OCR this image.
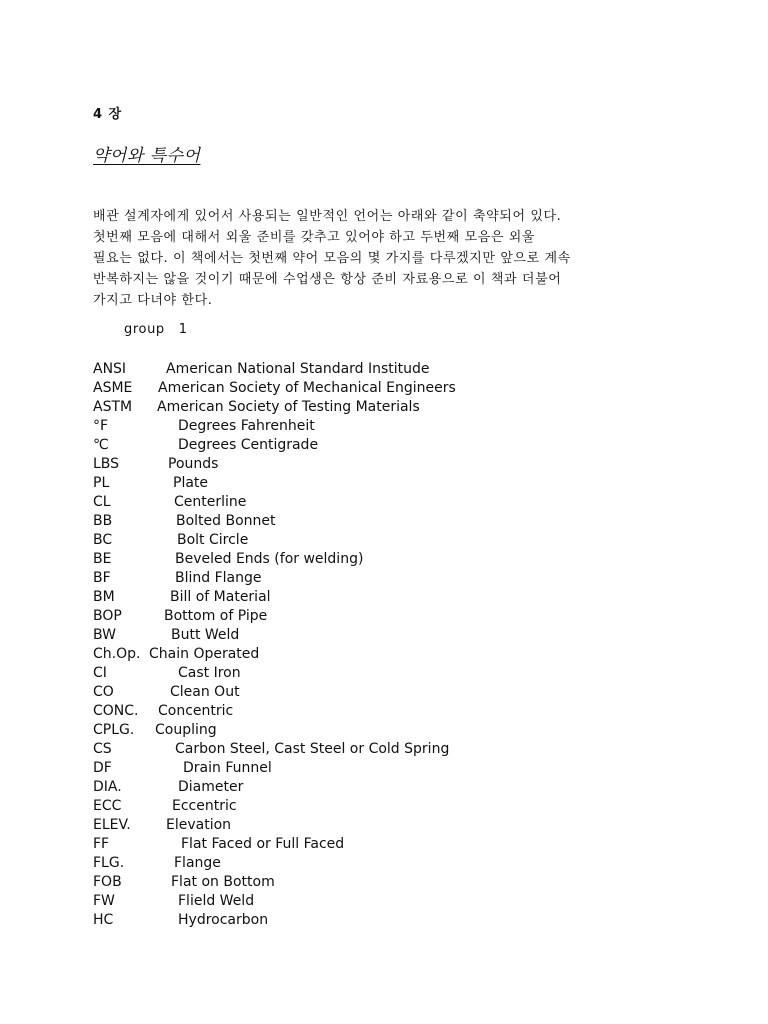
4 장
약어와 특수어
배관 설계자에게 있어서 사용되는 일반적인 언어는 아래와 같이 축약되어 있다.
첫번째 모음에 대해서 외울 준비를 갖추고 있어야 하고 두번째 모음은 외울
필요는 없다. 이 책에서는 첫번째 약어 모음의 몇 가지를 다루겠지만 앞으로 계속
반복하지는 않을 것이기 때문에 수업생은 항상 준비 자료용으로 이 책과 더불어
가지고 다녀야 한다.
group 1
ANSI	American National Standard Institude
ASME American Society of Mechanical Engineers
ASTM American Society of Testing Materials
°F	Degrees Fahrenheit
℃	Degrees Centigrade
LBS	Pounds
PL	Plate
CL	Centerline
BB	Bolted Bonnet
BC	Bolt Circle
BE	Beveled Ends (for welding)
BF	Blind Flange
BM	Bill of Material
BOP	Bottom of Pipe
BW	Butt Weld
Ch.Op. Chain Operated
CI	Cast Iron
CO	Clean Out
CONC. Concentric
CPLG. Coupling
CS	Carbon Steel, Cast Steel or Cold Spring
DF	Drain Funnel
DIA.	Diameter
ECC	Eccentric
ELEV.	Elevation
FF	Flat Faced or Full Faced
FLG.	Flange
FOB	Flat on Bottom
FW	Flield Weld
HC	Hydrocarbon
